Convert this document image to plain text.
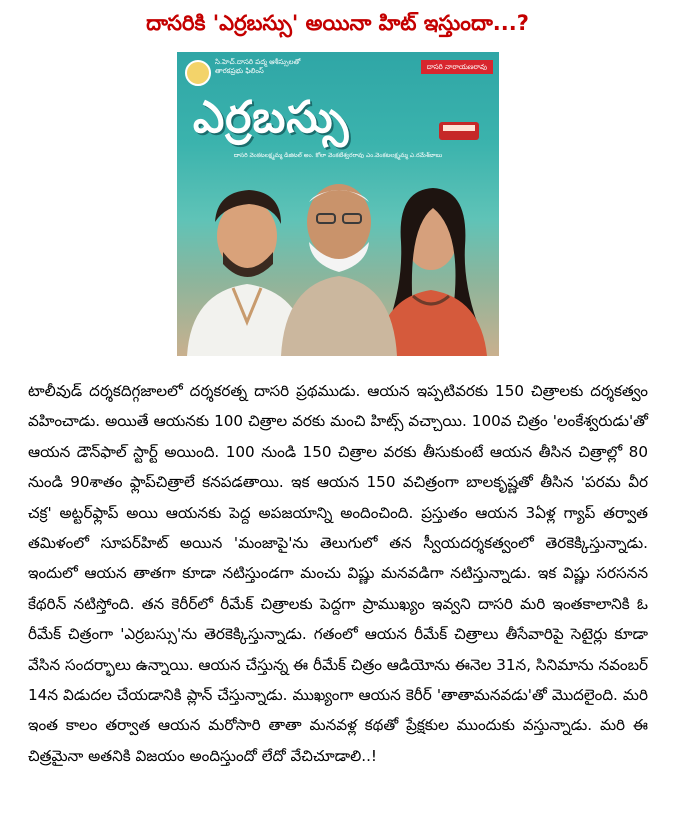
దాసరికి 'ఎర్రబస్సు' అయినా హిట్ ఇస్తుందా...?
సి.హెచ్.దాసరి పద్మ ఆశీస్సులతో
తారకప్రభు ఫిలింస్	దాసరి నారాయణరావు
ఎర్రబస్సు
దాసరి వెంకటలక్ష్మమ్మ డిజిటల్ అం. కోలా వెంకటేశ్వరరావు ఎం.వెంకటలక్ష్మమ్మ ఎ.రమేశ్‌బాబు
టాలీవుడ్ దర్శకదిగ్గజాలలో దర్శకరత్న దాసరి ప్రథముడు. ఆయన ఇప్పటివరకు 150 చిత్రాలకు దర్శకత్వం వహించాడు. అయితే ఆయనకు 100 చిత్రాల వరకు మంచి హిట్స్ వచ్చాయి. 100వ చిత్రం 'లంకేశ్వరుడు'తో ఆయన డౌన్‌ఫాల్ స్టార్ట్ అయింది. 100 నుండి 150 చిత్రాల వరకు తీసుకుంటే ఆయన తీసిన చిత్రాల్లో 80 నుండి 90శాతం ఫ్లాప్‌చిత్రాలే కనపడతాయి. ఇక ఆయన 150 వచిత్రంగా బాలకృష్ణతో తీసిన 'పరమ వీర చక్ర' అట్టర్‌ఫ్లాప్ అయి ఆయనకు పెద్ద అపజయాన్ని అందించింది. ప్రస్తుతం ఆయన 3ఏళ్ల గ్యాప్ తర్వాత తమిళంలో సూపర్‌హిట్ అయిన 'మంజాపై'ను తెలుగులో తన స్వీయదర్శకత్వంలో తెరకెక్కిస్తున్నాడు. ఇందులో ఆయన తాతగా కూడా నటిస్తుండగా మంచు విష్ణు మనవడిగా నటిస్తున్నాడు. ఇక విష్ణు సరసనన కేథరిన్ నటిస్తోంది. తన కెరీర్‌లో రీమేక్ చిత్రాలకు పెద్దగా ప్రాముఖ్యం ఇవ్వని దాసరి మరి ఇంతకాలానికి ఓ రీమేక్ చిత్రంగా 'ఎర్రబస్సు'ను తెరకెక్కిస్తున్నాడు. గతంలో ఆయన రీమేక్ చిత్రాలు తీసేవారిపై సెటైర్లు కూడా వేసిన సందర్భాలు ఉన్నాయి. ఆయన చేస్తున్న ఈ రీమేక్ చిత్రం ఆడియోను ఈనెల 31న, సినిమాను నవంబర్ 14న విడుదల చేయడానికి ప్లాన్ చేస్తున్నాడు. ముఖ్యంగా ఆయన కెరీర్ 'తాతామనవడు'తో మొదలైంది. మరి ఇంత కాలం తర్వాత ఆయన మరోసారి తాతా మనవళ్ల కథతో ప్రేక్షకుల ముందుకు వస్తున్నాడు. మరి ఈ చిత్రమైనా అతనికి విజయం అందిస్తుందో లేదో వేచిచూడాలి..!
